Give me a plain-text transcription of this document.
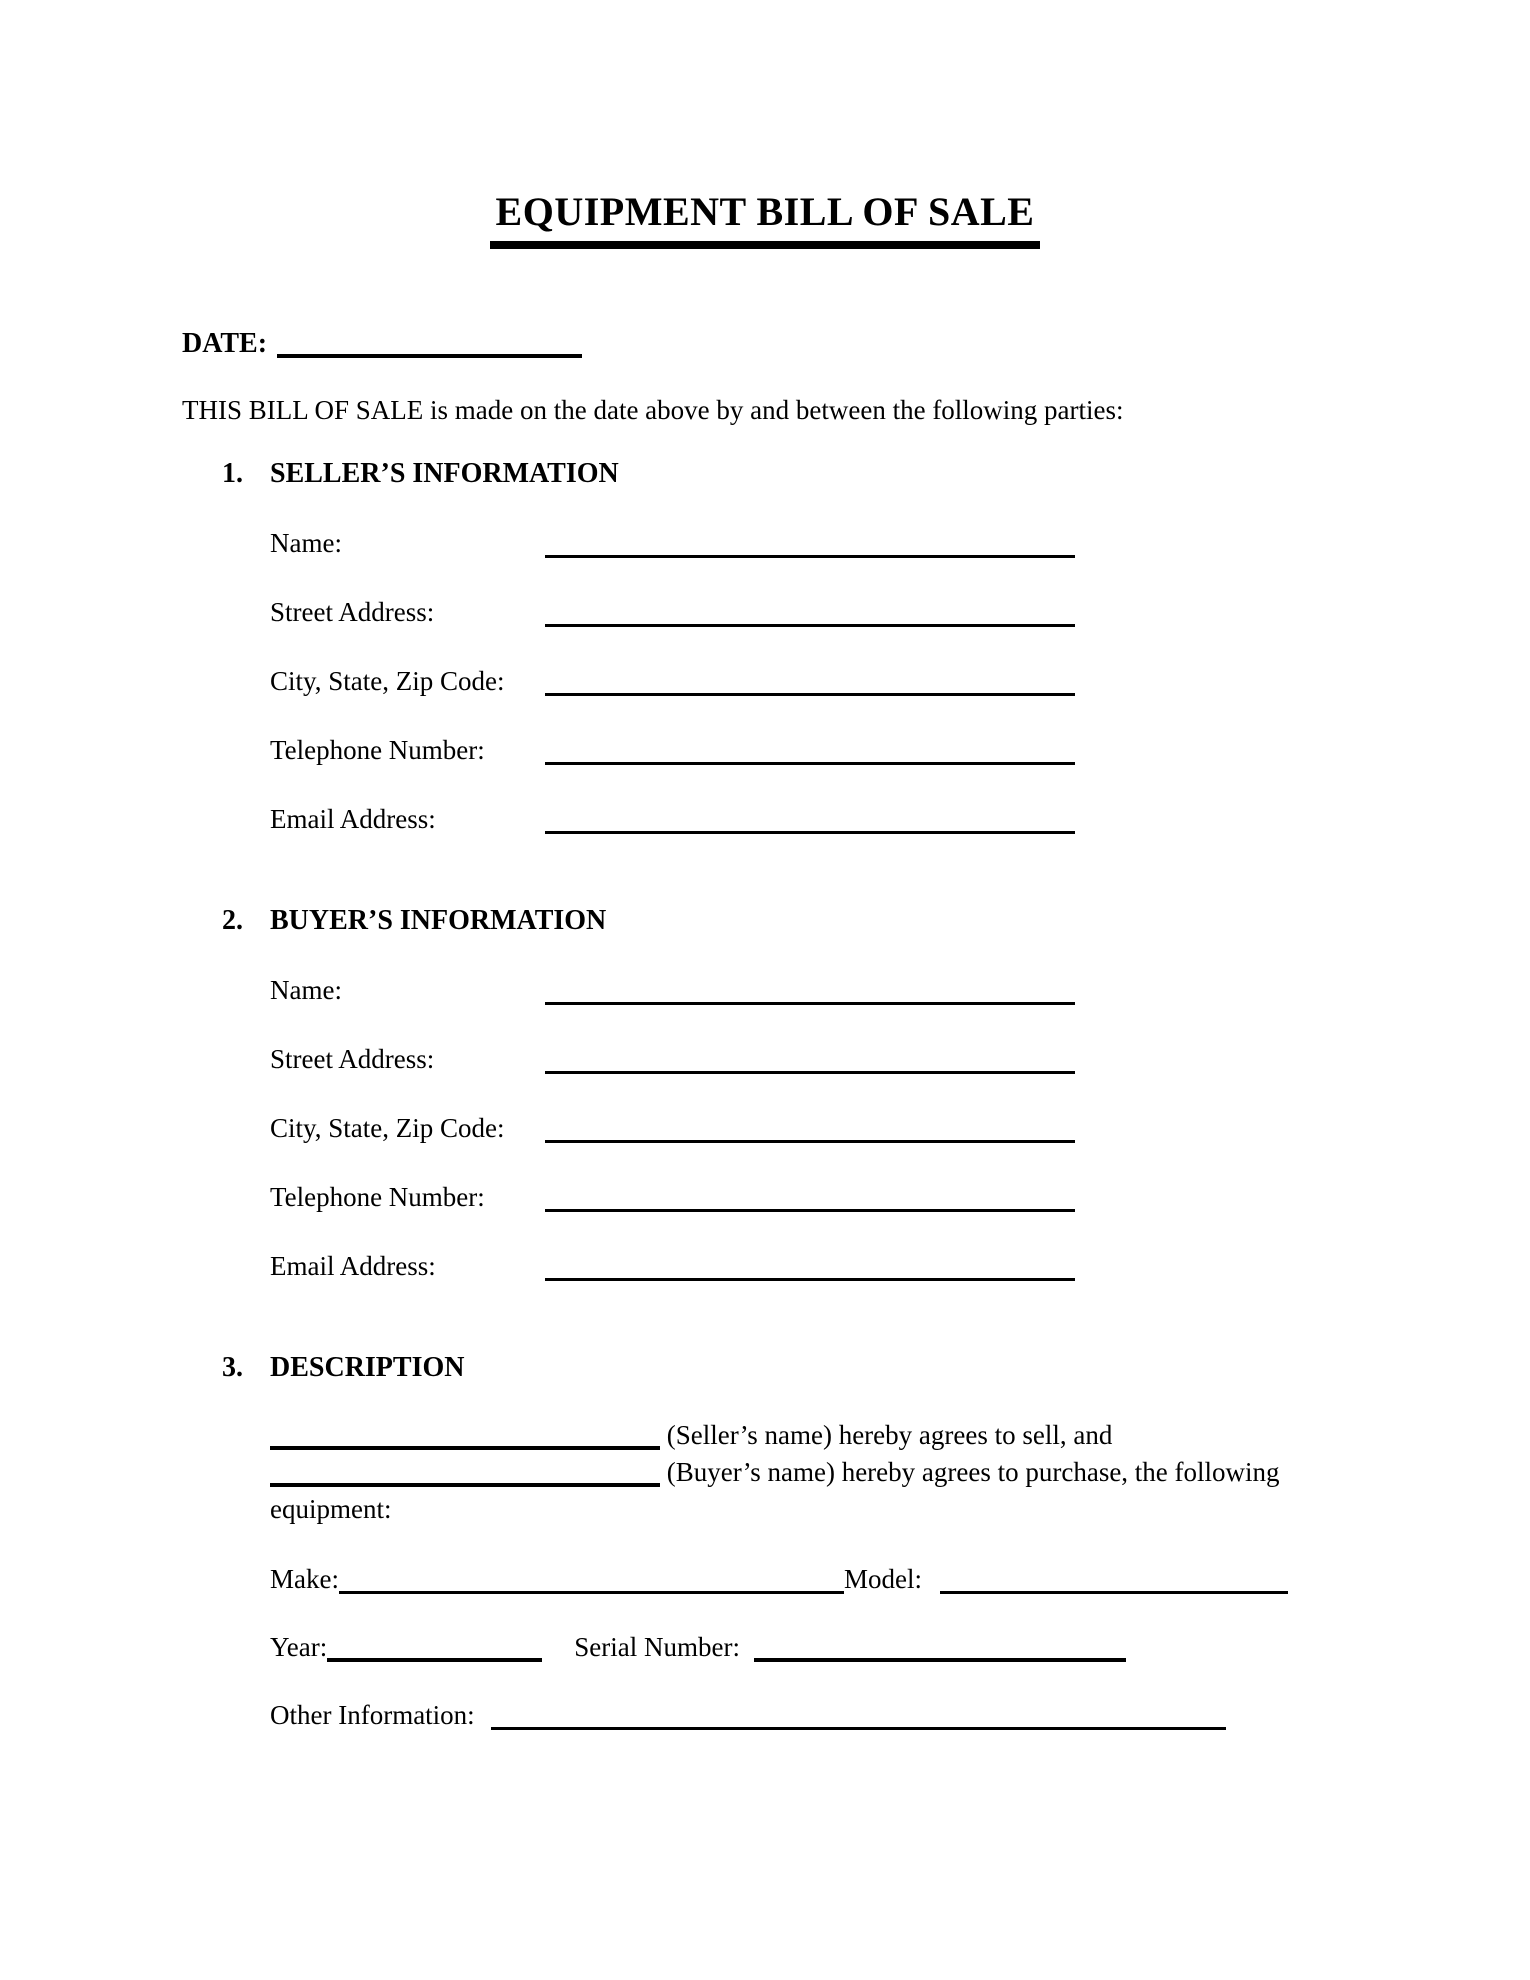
EQUIPMENT BILL OF SALE
DATE:

THIS BILL OF SALE is made on the date above by and between the following parties:

1. SELLER’S INFORMATION
Name:
Street Address:
City, State, Zip Code:
Telephone Number:
Email Address:
2. BUYER’S INFORMATION
Name:
Street Address:
City, State, Zip Code:
Telephone Number:
Email Address:
3. DESCRIPTION
(Seller’s name) hereby agrees to sell, and
(Buyer’s name) hereby agrees to purchase, the following
equipment:
Make:	Model:
Year:	Serial Number:
Other Information:
